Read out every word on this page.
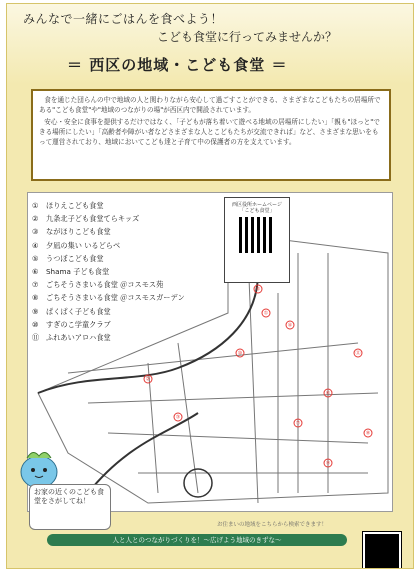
みんなで一緒にごはんを食べよう！
こども食堂に行ってみませんか？
＝ 西区の地域・こども食堂 ＝

食を通じた団らんの中で地域の人と関わりながら安心して過ごすことができる、さまざまなこどもたちの居場所である"こども食堂"や"地域のつながりの場"が西区内で開設されています。

安心・安全に食事を提供するだけではなく、「子どもが落ち着いて遊べる地域の居場所にしたい」「親も"ほっと"できる場所にしたい」「高齢者や障がい者などさまざまな人とこどもたちが交流できれば」など、さまざまな思いをもって運営されており、地域においてこども達と子育て中の保護者の方を支えています。

①
②
③
④
⑤
⑥
⑦
⑧
⑨
⑩	⑪
①	ほりえこども食堂
②	九条北子ども食堂てらキッズ
③	ながほりこども食堂
④	夕凪の集い いるどらべ
⑤	うつぼこども食堂
⑥	Shama 子ども食堂
⑦	ごちそうさまいる食堂 ＠コスモス苑
⑧	ごちそうさまいる食堂 ＠コスモスガーデン
⑨	ぱくぱく子ども食堂
⑩	すぎのこ学童クラブ
⑪ ふれあいアロハ食堂
西区役所ホームページ
「こども食堂」
お家の近くのこども食堂をさがしてね！
お住まいの地域をこちらから検索できます！
人と人とのつながりづくりを！～広げよう地域のきずな～
